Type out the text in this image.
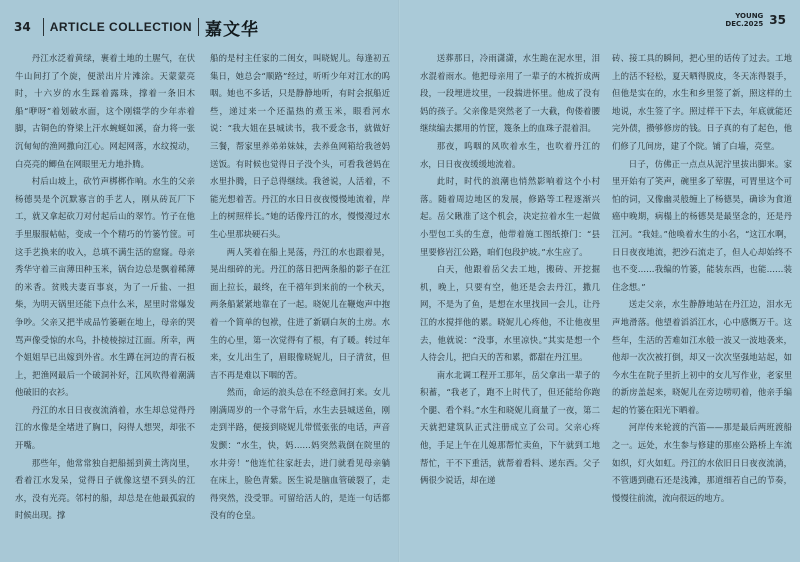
34 ARTICLE COLLECTION 嘉文华

丹江水泛着黄绿，裹着土地的土腥气，在伏牛山间打了个旋，便淤出片片滩涂。天蒙蒙亮时，十六岁的水生踩着露珠，撑着一条旧木船“咿呀”着划破水面，这个刚辍学的少年赤着脚，古铜色的脊梁上汗水蜿蜒如溪，奋力将一张沉甸甸的渔网撒向江心。网起网落，水纹搅动，白亮亮的鲫鱼在网眼里无力地扑腾。

村后山坡上，砍竹声梆梆作响。水生的父亲杨德昊是个沉默寡言的手艺人，刚从砖瓦厂下工，就又拿起砍刀对付起后山的翠竹。竹子在他手里服服帖帖，变成一个个精巧的竹篓竹筐。可这手艺换来的收入，总填不满生活的窟窿。母亲秀华守着三亩薄田种玉米，锅台边总是飘着稀薄的米香。贫贱夫妻百事哀，为了一斤盐、一担柴，为明天锅里还能下点什么米，屋里时常爆发争吵。父亲又把半成品竹篓砸在地上，母亲的哭骂声像受惊的水鸟，扑棱棱掠过江面。所幸，两个姐姐早已出嫁到外省。水生蹲在河边的青石板上，把渔网最后一个破洞补好，江风吹得着潮满他破旧的衣衫。

丹江的水日日夜夜流淌着，水生却总觉得丹江的水像是全堵进了胸口，闷得人想哭，却张不开嘴。

那些年，他常常独自把船摇到黄土湾岗里，看着江水发呆，觉得日子就像这望不到头的江水，没有光亮。邻村的船，却总是在他最孤寂的时候出现。撑

船的是村主任家的二闺女，叫晓妮儿。每逢初五集日，她总会“顺路”经过，听听少年对江水的呜咽。她也不多话，只是静静地听，有时会抿船近些，递过来一个还温热的煮玉米，眼看河水说：“我大姐在县城读书，我不爱念书，就做好三餐，帮家里养弟弟妹妹，去养鱼网箱给我爸妈送饭。有时候也觉得日子没个头，可看我爸妈在水里扑腾，日子总得继续。我爸说，人活着，不能光想着苦。丹江的水日日夜夜慢慢地流着，岸上的树照样长。”她的话像丹江的水，慢慢漫过水生心里那块硬石头。

两人笑着在船上晃荡，丹江的水也跟着晃，晃出细碎的光。丹江的落日把两条船的影子在江面上拉长，最终，在千禧年到来前的一个秋天，两条船紧紧地靠在了一起。晓妮儿在鞭炮声中抱着一个简单的包袱，住进了新刷白灰的土房。水生的心里，第一次觉得有了根，有了暖。转过年来，女儿出生了，眉眼像晓妮儿，日子清贫，但吉不再是难以下咽的苦。

然而，命运的浪头总在不经意间打来。女儿刚满周岁的一个寻常午后，水生去县城送鱼，刚走到半路，便接到晓妮儿带慌张张的电话，声音发颤：“水生，快，妈……妈突然栽倒在院里的水井旁！”他连忙往家赶去，进门就看见母亲躺在床上，脸色青紫。医生说是脑血管破裂了，走得突然，没受罪。可留给活人的，是连一句话都没有的仓皇。

YOUNG
DEC.2025 35

送葬那日，冷雨潇潇，水生跪在泥水里，泪水混着雨水。他把母亲用了一辈子的木梳折成两段，一段埋进坟里，一段揣进怀里。他成了没有妈的孩子。父亲像是突然老了一大截，佝偻着腰继续编去摞用的竹筐，篾条上的血珠子混着泪。

那夜，呜咽的风吹着水生，也吹着丹江的水，日日夜夜缓缓地流着。

此时，时代的浪潮也悄然影响着这个小村落。随着周边地区的发展，修路等工程逐渐兴起。岳父瞅准了这个机会，决定拉着水生一起做小型包工头的生意，他带着施工图纸撩门：“县里要修岩江公路，咱们包段护坡。”水生应了。

白天，他跟着岳父去工地，搬砖、开挖掘机，晚上，只要有空，他还是会去丹江，撒几网，不是为了鱼，是想在水里找回一会儿，让丹江的水搅拌他的累。晓妮儿心疼他，不让他夜里去，他就说：“没事，水里凉快。”其实是想一个人待会儿，把白天的苦和累，都甜在丹江里。

南水北调工程开工那年，岳父拿出一辈子的积蓄，“我老了，跑不上时代了，但还能给你跑个腿、看个料。”水生和晓妮儿商量了一夜，第二天就把建筑队正式注册成立了公司。父亲心疼他，手足上午在儿媳那帮忙卖鱼，下午就到工地帮忙，干不下重活，就帮着看料、递东西。父子俩很少说话，却在递

砖、接工具的瞬间，把心里的话传了过去。工地上的活不轻松，夏天晒得脱皮，冬天冻得裂手，但他是实在的，水生和乡里签了新，照这样的土地说，水生签了字。照过样干下去，年底就能还完外债，攒够修房的钱。日子真的有了起色，他们修了几间房，建了个院。铺了白墙，亮堂。

日子，仿佛正一点点从泥泞里拔出脚来。家里开始有了笑声，碗里多了荤腥，可胃里这个可怕的词，又像幽灵般缠上了杨德昊，确诊为食道癌中晚期，病榻上的杨德昊是最坚念的，还是丹江河。“我娃。”他唤着水生的小名，“这江水啊，日日夜夜地流，把沙石流走了，但人心却始终不也不变……我编的竹篓，能装东西，也能……装住念想。”

送走父亲，水生静静地站在丹江边，泪水无声地滑落。他望着滔滔江水，心中感慨万千。这些年，生活的苦难如江水般一波又一波地袭来，他却一次次被打倒，却又一次次坚强地站起，如今水生在院子里折上初中的女儿写作业，老家里的新房盖起来，晓妮儿在旁边唠叨着，他亲手编起的竹篓在阳光下晒着。

河岸传来轮渡的汽笛——那是最后两班渡船之一。远处，水生参与修建的那座公路桥上车流如织，灯火如虹。丹江的水依旧日日夜夜流淌，不管遇到礁石还是浅滩，那道细若自己的节奏，慢慢往前流，流向很远的地方。
